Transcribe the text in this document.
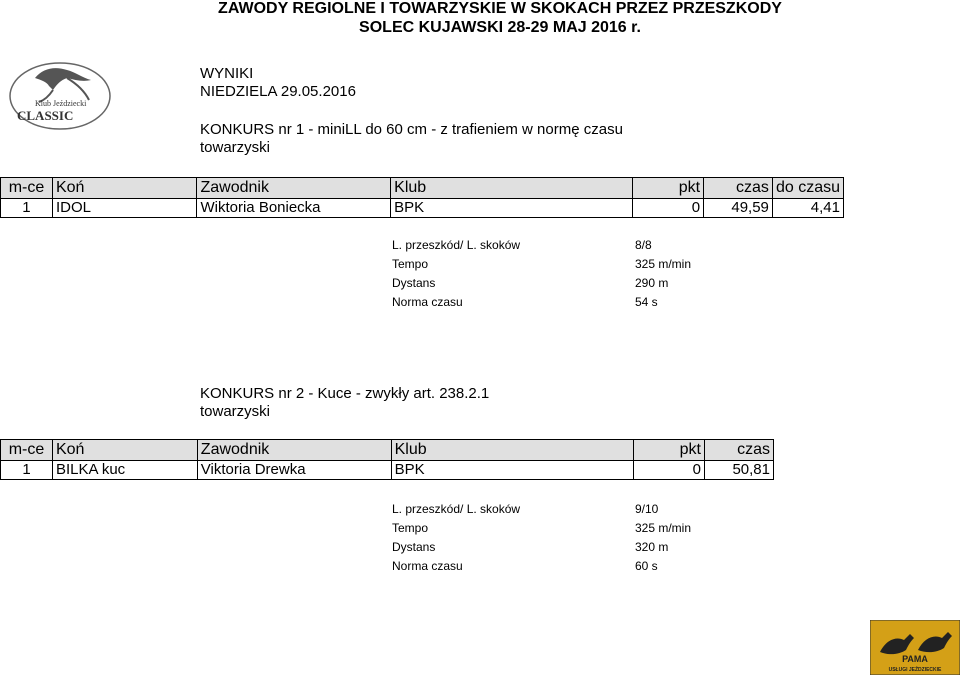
ZAWODY REGIOLNE I TOWARZYSKIE W SKOKACH PRZEZ PRZESZKODY
SOLEC KUJAWSKI 28-29 MAJ 2016 r.
Klub Jeździecki
CLASSIC
WYNIKI
NIEDZIELA 29.05.2016
KONKURS nr 1 - miniLL do 60 cm - z trafieniem w normę czasu
towarzyski
m-ce	Koń	Zawodnik	Klub	pkt	czas	do czasu
1	IDOL	Wiktoria Boniecka	BPK	0	49,59	4,41
L. przeszkód/ L. skoków	8/8
Tempo	325 m/min
Dystans	290 m
Norma czasu	54 s
KONKURS nr 2 - Kuce - zwykły art. 238.2.1
towarzyski
m-ce	Koń	Zawodnik	Klub	pkt	czas
1	BILKA kuc	Viktoria Drewka	BPK	0	50,81
L. przeszkód/ L. skoków	9/10
Tempo	325 m/min
Dystans	320 m
Norma czasu	60 s
PAMA
USŁUGI JEŹDZIECKIE
